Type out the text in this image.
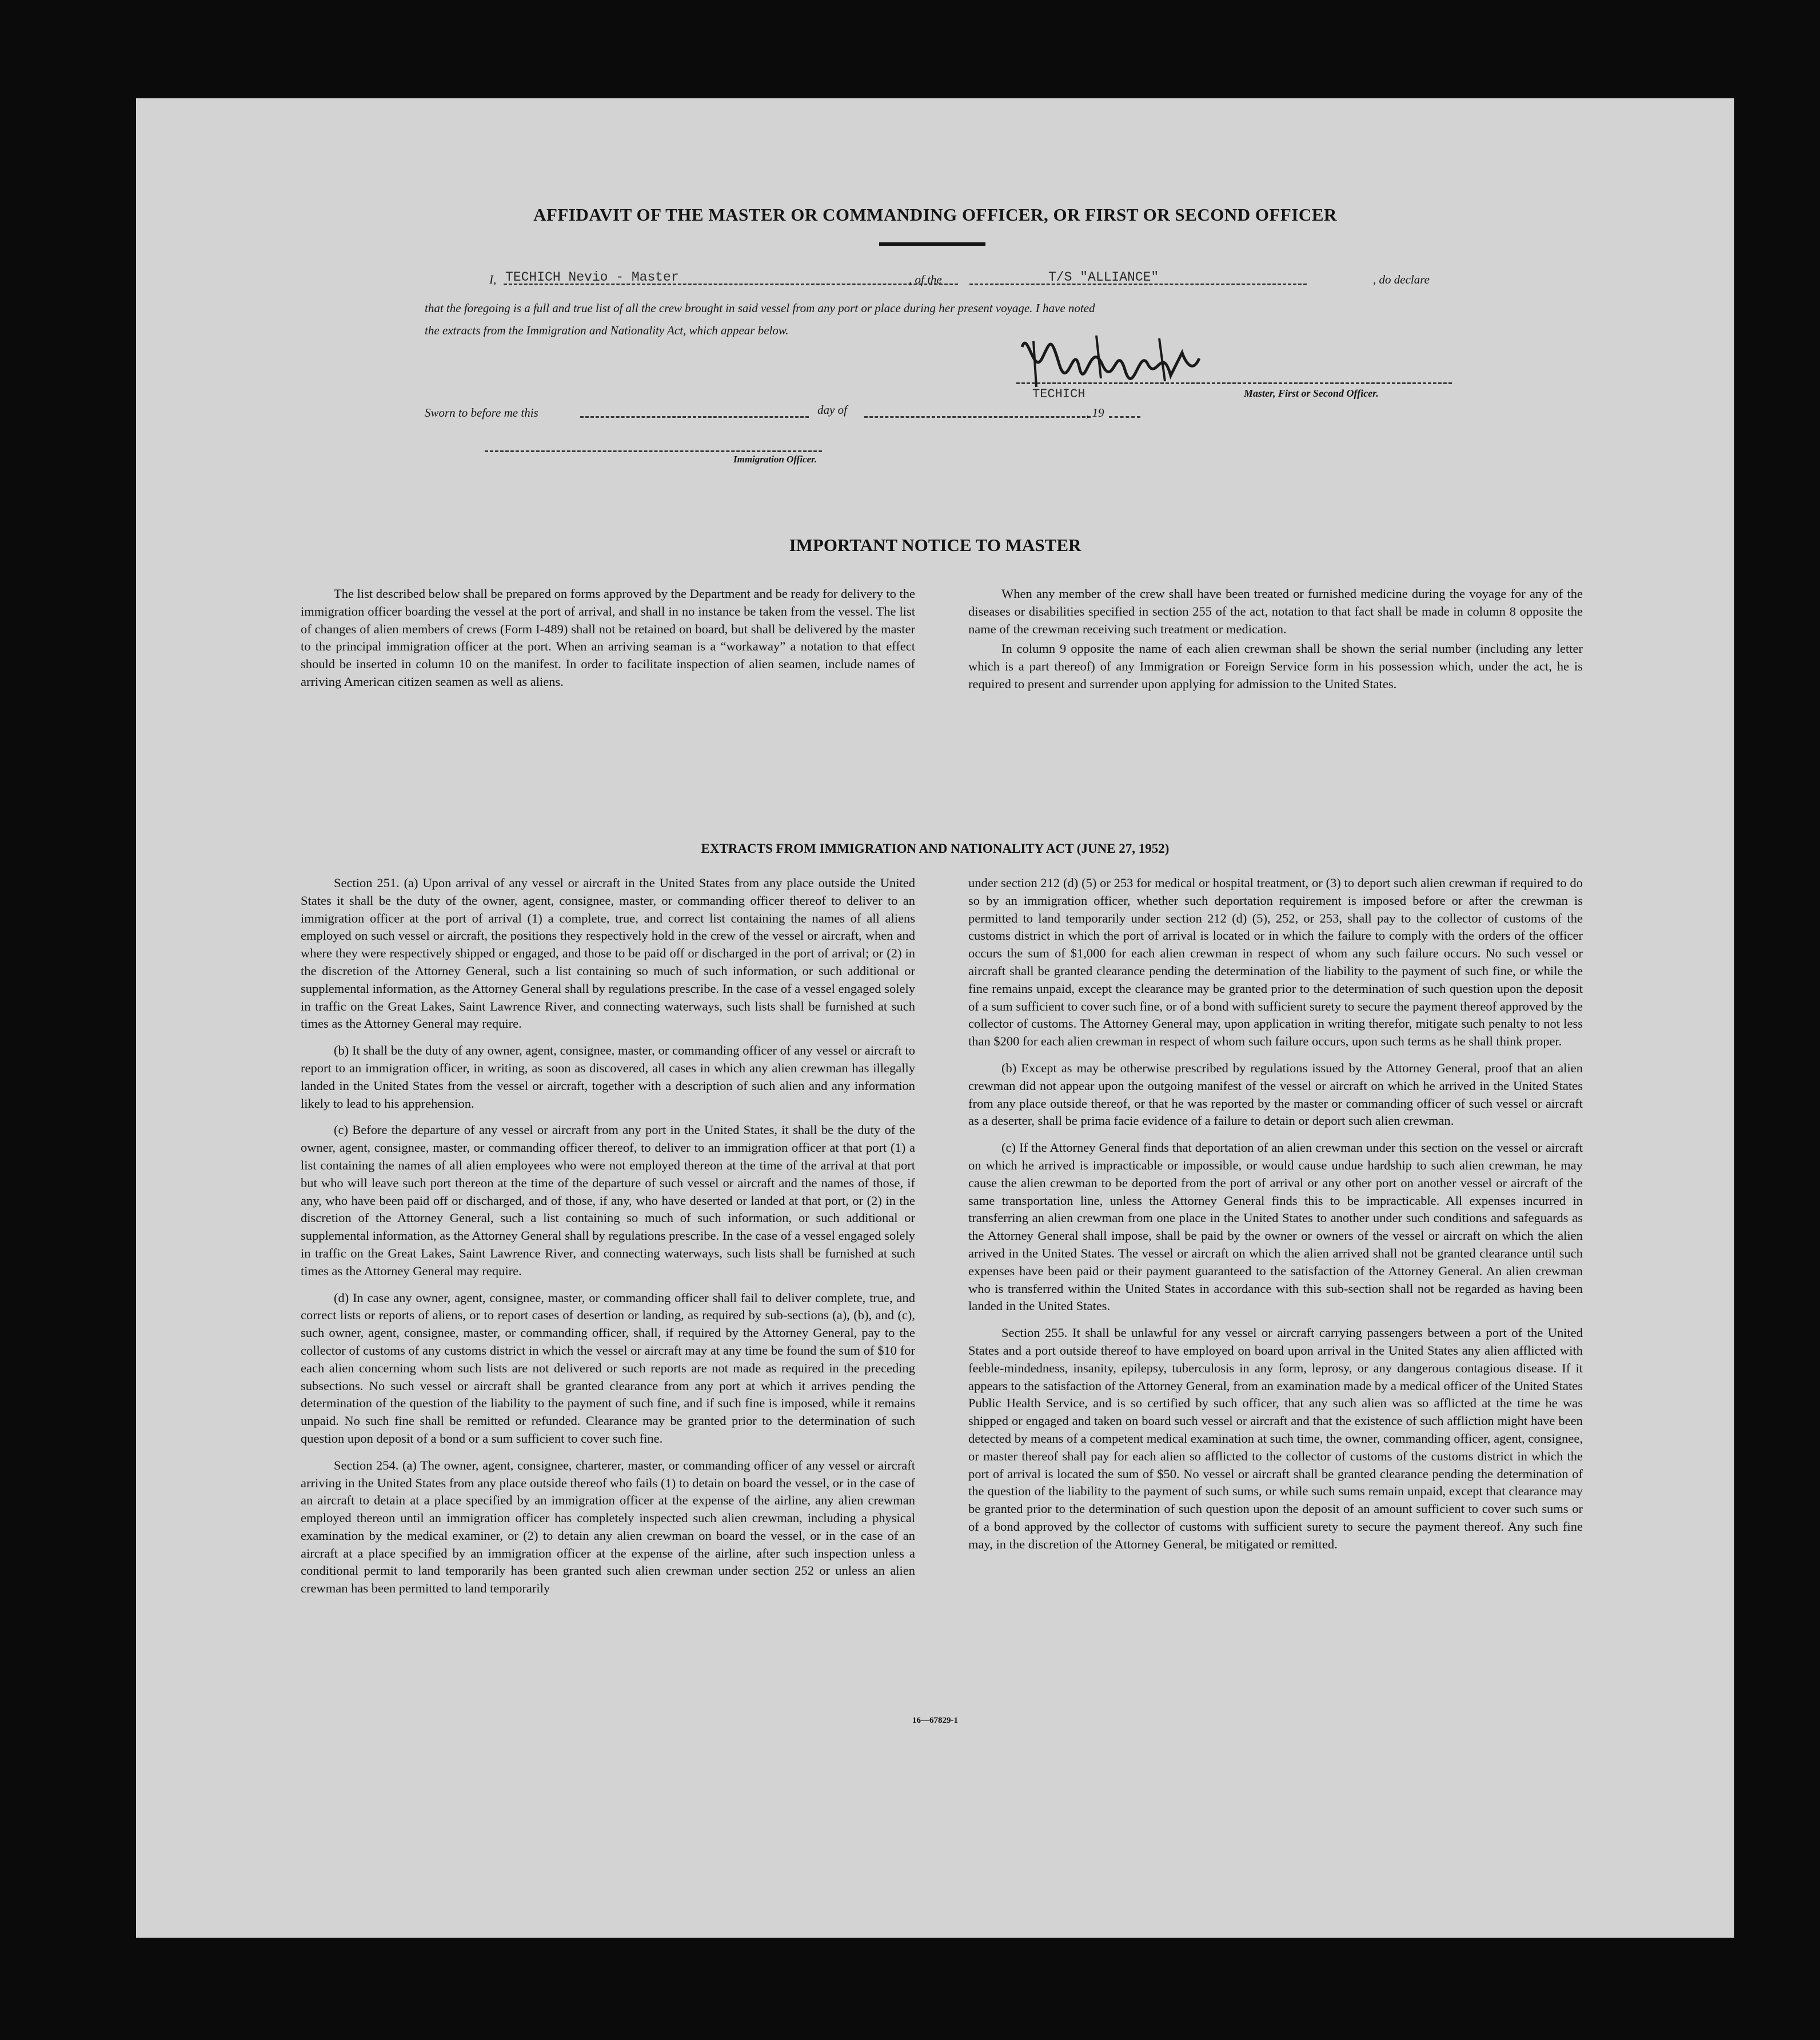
AFFIDAVIT OF THE MASTER OR COMMANDING OFFICER, OR FIRST OR SECOND OFFICER
I, TECHICH Nevio - Master	, of the	T/S "ALLIANCE"	, do declare
that the foregoing is a full and true list of all the crew brought in said vessel from any port or place during her present voyage. I have noted
the extracts from the Immigration and Nationality Act, which appear below.
TECHICH	Master, First or Second Officer.
Sworn to before me this	day of	, 19
Immigration Officer.
IMPORTANT NOTICE TO MASTER

The list described below shall be prepared on forms approved by the Department and be ready for delivery to the immigration officer boarding the vessel at the port of arrival, and shall in no instance be taken from the vessel. The list of changes of alien members of crews (Form I-489) shall not be retained on board, but shall be delivered by the master to the principal immigration officer at the port. When an arriving seaman is a “workaway” a notation to that effect should be inserted in column 10 on the manifest. In order to facilitate inspection of alien seamen, include names of arriving American citizen seamen as well as aliens.

When any member of the crew shall have been treated or furnished medicine during the voyage for any of the diseases or disabilities specified in section 255 of the act, notation to that fact shall be made in column 8 opposite the name of the crewman receiving such treatment or medication.

In column 9 opposite the name of each alien crewman shall be shown the serial number (including any letter which is a part thereof) of any Immigration or Foreign Service form in his possession which, under the act, he is required to present and surrender upon applying for admission to the United States.

EXTRACTS FROM IMMIGRATION AND NATIONALITY ACT (JUNE 27, 1952)

Section 251. (a) Upon arrival of any vessel or aircraft in the United States from any place outside the United States it shall be the duty of the owner, agent, consignee, master, or commanding officer thereof to deliver to an immigration officer at the port of arrival (1) a complete, true, and correct list containing the names of all aliens employed on such vessel or aircraft, the positions they respectively hold in the crew of the vessel or aircraft, when and where they were respectively shipped or engaged, and those to be paid off or discharged in the port of arrival; or (2) in the discretion of the Attorney General, such a list containing so much of such information, or such additional or supplemental information, as the Attorney General shall by regulations prescribe. In the case of a vessel engaged solely in traffic on the Great Lakes, Saint Lawrence River, and connecting waterways, such lists shall be furnished at such times as the Attorney General may require.

(b) It shall be the duty of any owner, agent, consignee, master, or commanding officer of any vessel or aircraft to report to an immigration officer, in writing, as soon as discovered, all cases in which any alien crewman has illegally landed in the United States from the vessel or aircraft, together with a description of such alien and any information likely to lead to his apprehension.

(c) Before the departure of any vessel or aircraft from any port in the United States, it shall be the duty of the owner, agent, consignee, master, or commanding officer thereof, to deliver to an immigration officer at that port (1) a list containing the names of all alien employees who were not employed thereon at the time of the arrival at that port but who will leave such port thereon at the time of the departure of such vessel or aircraft and the names of those, if any, who have been paid off or discharged, and of those, if any, who have deserted or landed at that port, or (2) in the discretion of the Attorney General, such a list containing so much of such information, or such additional or supplemental information, as the Attorney General shall by regulations prescribe. In the case of a vessel engaged solely in traffic on the Great Lakes, Saint Lawrence River, and connecting waterways, such lists shall be furnished at such times as the Attorney General may require.

(d) In case any owner, agent, consignee, master, or commanding officer shall fail to deliver complete, true, and correct lists or reports of aliens, or to report cases of desertion or landing, as required by sub-sections (a), (b), and (c), such owner, agent, consignee, master, or commanding officer, shall, if required by the Attorney General, pay to the collector of customs of any customs district in which the vessel or aircraft may at any time be found the sum of $10 for each alien concerning whom such lists are not delivered or such reports are not made as required in the preceding subsections. No such vessel or aircraft shall be granted clearance from any port at which it arrives pending the determination of the question of the liability to the payment of such fine, and if such fine is imposed, while it remains unpaid. No such fine shall be remitted or refunded. Clearance may be granted prior to the determination of such question upon deposit of a bond or a sum sufficient to cover such fine.

Section 254. (a) The owner, agent, consignee, charterer, master, or commanding officer of any vessel or aircraft arriving in the United States from any place outside thereof who fails (1) to detain on board the vessel, or in the case of an aircraft to detain at a place specified by an immigration officer at the expense of the airline, any alien crewman employed thereon until an immigration officer has completely inspected such alien crewman, including a physical examination by the medical examiner, or (2) to detain any alien crewman on board the vessel, or in the case of an aircraft at a place specified by an immigration officer at the expense of the airline, after such inspection unless a conditional permit to land temporarily has been granted such alien crewman under section 252 or unless an alien crewman has been permitted to land temporarily

under section 212 (d) (5) or 253 for medical or hospital treatment, or (3) to deport such alien crewman if required to do so by an immigration officer, whether such deportation requirement is imposed before or after the crewman is permitted to land temporarily under section 212 (d) (5), 252, or 253, shall pay to the collector of customs of the customs district in which the port of arrival is located or in which the failure to comply with the orders of the officer occurs the sum of $1,000 for each alien crewman in respect of whom any such failure occurs. No such vessel or aircraft shall be granted clearance pending the determination of the liability to the payment of such fine, or while the fine remains unpaid, except the clearance may be granted prior to the determination of such question upon the deposit of a sum sufficient to cover such fine, or of a bond with sufficient surety to secure the payment thereof approved by the collector of customs. The Attorney General may, upon application in writing therefor, mitigate such penalty to not less than $200 for each alien crewman in respect of whom such failure occurs, upon such terms as he shall think proper.

(b) Except as may be otherwise prescribed by regulations issued by the Attorney General, proof that an alien crewman did not appear upon the outgoing manifest of the vessel or aircraft on which he arrived in the United States from any place outside thereof, or that he was reported by the master or commanding officer of such vessel or aircraft as a deserter, shall be prima facie evidence of a failure to detain or deport such alien crewman.

(c) If the Attorney General finds that deportation of an alien crewman under this section on the vessel or aircraft on which he arrived is impracticable or impossible, or would cause undue hardship to such alien crewman, he may cause the alien crewman to be deported from the port of arrival or any other port on another vessel or aircraft of the same transportation line, unless the Attorney General finds this to be impracticable. All expenses incurred in transferring an alien crewman from one place in the United States to another under such conditions and safeguards as the Attorney General shall impose, shall be paid by the owner or owners of the vessel or aircraft on which the alien arrived in the United States. The vessel or aircraft on which the alien arrived shall not be granted clearance until such expenses have been paid or their payment guaranteed to the satisfaction of the Attorney General. An alien crewman who is transferred within the United States in accordance with this sub-section shall not be regarded as having been landed in the United States.

Section 255. It shall be unlawful for any vessel or aircraft carrying passengers between a port of the United States and a port outside thereof to have employed on board upon arrival in the United States any alien afflicted with feeble-mindedness, insanity, epilepsy, tuberculosis in any form, leprosy, or any dangerous contagious disease. If it appears to the satisfaction of the Attorney General, from an examination made by a medical officer of the United States Public Health Service, and is so certified by such officer, that any such alien was so afflicted at the time he was shipped or engaged and taken on board such vessel or aircraft and that the existence of such affliction might have been detected by means of a competent medical examination at such time, the owner, commanding officer, agent, consignee, or master thereof shall pay for each alien so afflicted to the collector of customs of the customs district in which the port of arrival is located the sum of $50. No vessel or aircraft shall be granted clearance pending the determination of the question of the liability to the payment of such sums, or while such sums remain unpaid, except that clearance may be granted prior to the determination of such question upon the deposit of an amount sufficient to cover such sums or of a bond approved by the collector of customs with sufficient surety to secure the payment thereof. Any such fine may, in the discretion of the Attorney General, be mitigated or remitted.

16—67829-1
